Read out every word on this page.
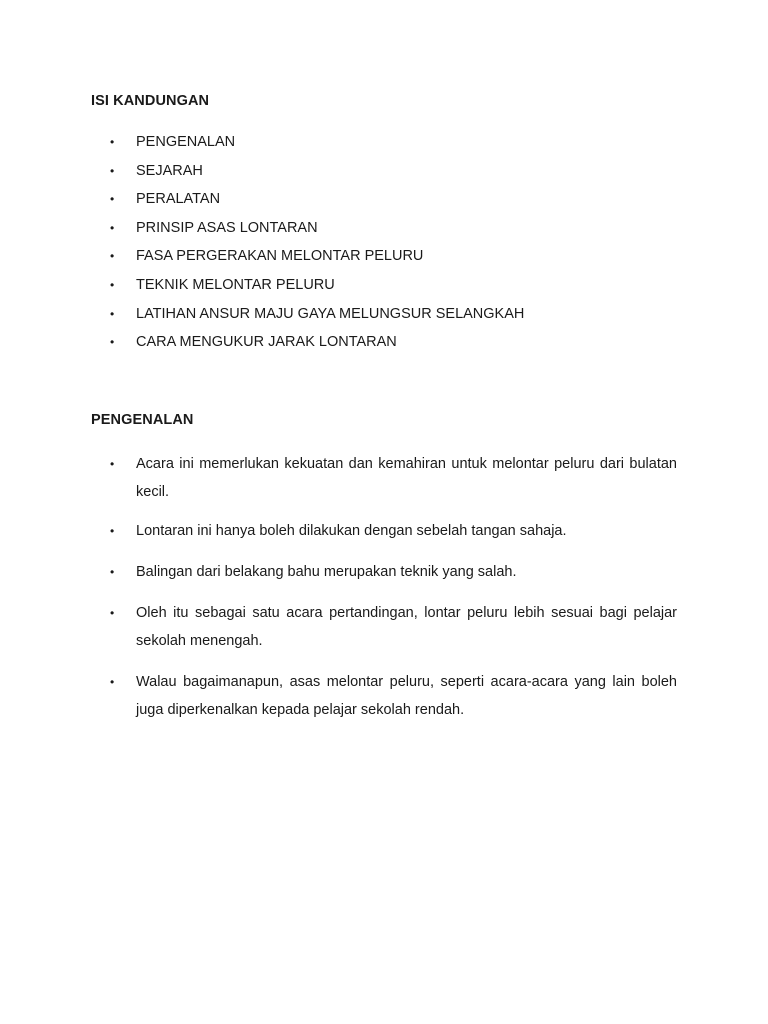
ISI KANDUNGAN
• PENGENALAN
• SEJARAH
• PERALATAN
• PRINSIP ASAS LONTARAN
• FASA PERGERAKAN MELONTAR PELURU
• TEKNIK MELONTAR PELURU
• LATIHAN ANSUR MAJU GAYA MELUNGSUR SELANGKAH
• CARA MENGUKUR JARAK LONTARAN
PENGENALAN
• Acara ini memerlukan kekuatan dan kemahiran untuk melontar peluru dari bulatan kecil.
• Lontaran ini hanya boleh dilakukan dengan sebelah tangan sahaja.
• Balingan dari belakang bahu merupakan teknik yang salah.
• Oleh itu sebagai satu acara pertandingan, lontar peluru lebih sesuai bagi pelajar sekolah menengah.
• Walau bagaimanapun, asas melontar peluru, seperti acara-acara yang lain boleh juga diperkenalkan kepada pelajar sekolah rendah.
